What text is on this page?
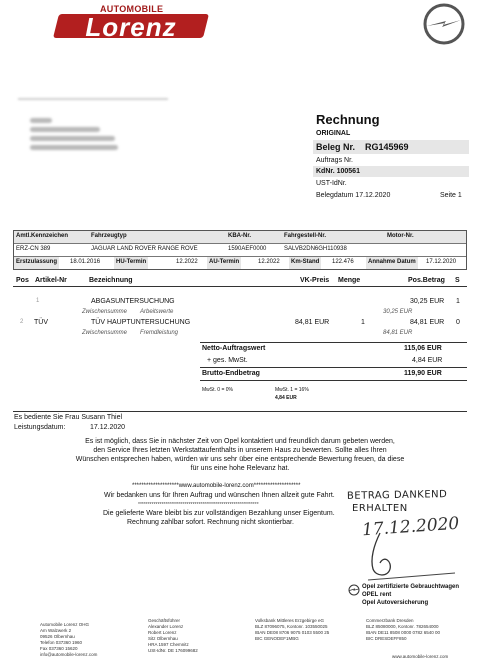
AUTOMOBILE
Lorenz
Rechnung
ORIGINAL
Beleg Nr. RG145969
Auftrags Nr.
KdNr. 100561
UST-IdNr.
Belegdatum 17.12.2020	Seite 1
Amtl.Kennzeichen	Fahrzeugtyp	KBA-Nr.	Fahrgestell-Nr.	Motor-Nr.
ERZ-CN 389	JAGUAR LAND ROVER RANGE ROVE	1590AEF0000	SALVB2DN6GH110938
Erstzulassung	18.01.2016	HU-Termin	12.2022	AU-Termin	12.2022	Km-Stand	122.476	Annahme Datum	17.12.2020
Pos Artikel-Nr	Bezeichnung	VK-Preis Menge	Pos.Betrag S
1	ABGASUNTERSUCHUNG	30,25 EUR 1
Zwischensumme Arbeitswerte	30,25 EUR
2 TÜV	TÜV HAUPTUNTERSUCHUNG	84,81 EUR	1	84,81 EUR 0
Zwischensumme Fremdleistung	84,81 EUR
Netto-Auftragswert	115,06 EUR
+ ges. MwSt.	4,84 EUR
Brutto-Endbetrag	119,90 EUR
MwSt. 0 = 0%	MwSt. 1 = 16%
4,84 EUR
Es bediente Sie Frau Susann Thiel
Leistungsdatum:	17.12.2020
Es ist möglich, dass Sie in nächster Zeit von Opel kontaktiert und freundlich darum gebeten werden,
den Service Ihres letzten Werkstattaufenthalts in unserem Haus zu bewerten. Sollte alles Ihren
Wünschen entsprechen haben, würden wir uns sehr über eine entsprechende Bewertung freuen, da diese
für uns eine hohe Relevanz hat.
********************www.automobile-lorenz.com********************
Wir bedanken uns für Ihren Auftrag und wünschen Ihnen allzeit gute Fahrt.
**************************************************************
Die gelieferte Ware bleibt bis zur vollständigen Bezahlung unser Eigentum.
Rechnung zahlbar sofort. Rechnung nicht skontierbar.
BETRAG DANKEND
ERHALTEN
17.12.2020
Opel zertifizierte Gebrauchtwagen
OPEL rent
Opel Autoversicherung
Automobile Lorenz OHG
Am Walzwerk 2
09526 Olbernhau
Telefon 037360 1960
Fax 037360 15620
info@automobile-lorenz.com
Geschäftsführer
Alexander Lorenz
Robert Lorenz
Sitz Olbernhau
HRA 1597 Chemnitz
USt-IdNr. DE 176099682
Volksbank Mittleres Erzgebirge eG
BLZ 87096075, Kontonr. 103550025
IBAN DE08 8706 9075 0103 5500 25
BIC GENODEF1MBG
Commerzbank Dresden
BLZ 85080000, Kontonr. 782654000
IBAN DE11 8508 0000 0782 6540 00
BIC DRESDEFF850
www.automobile-lorenz.com
